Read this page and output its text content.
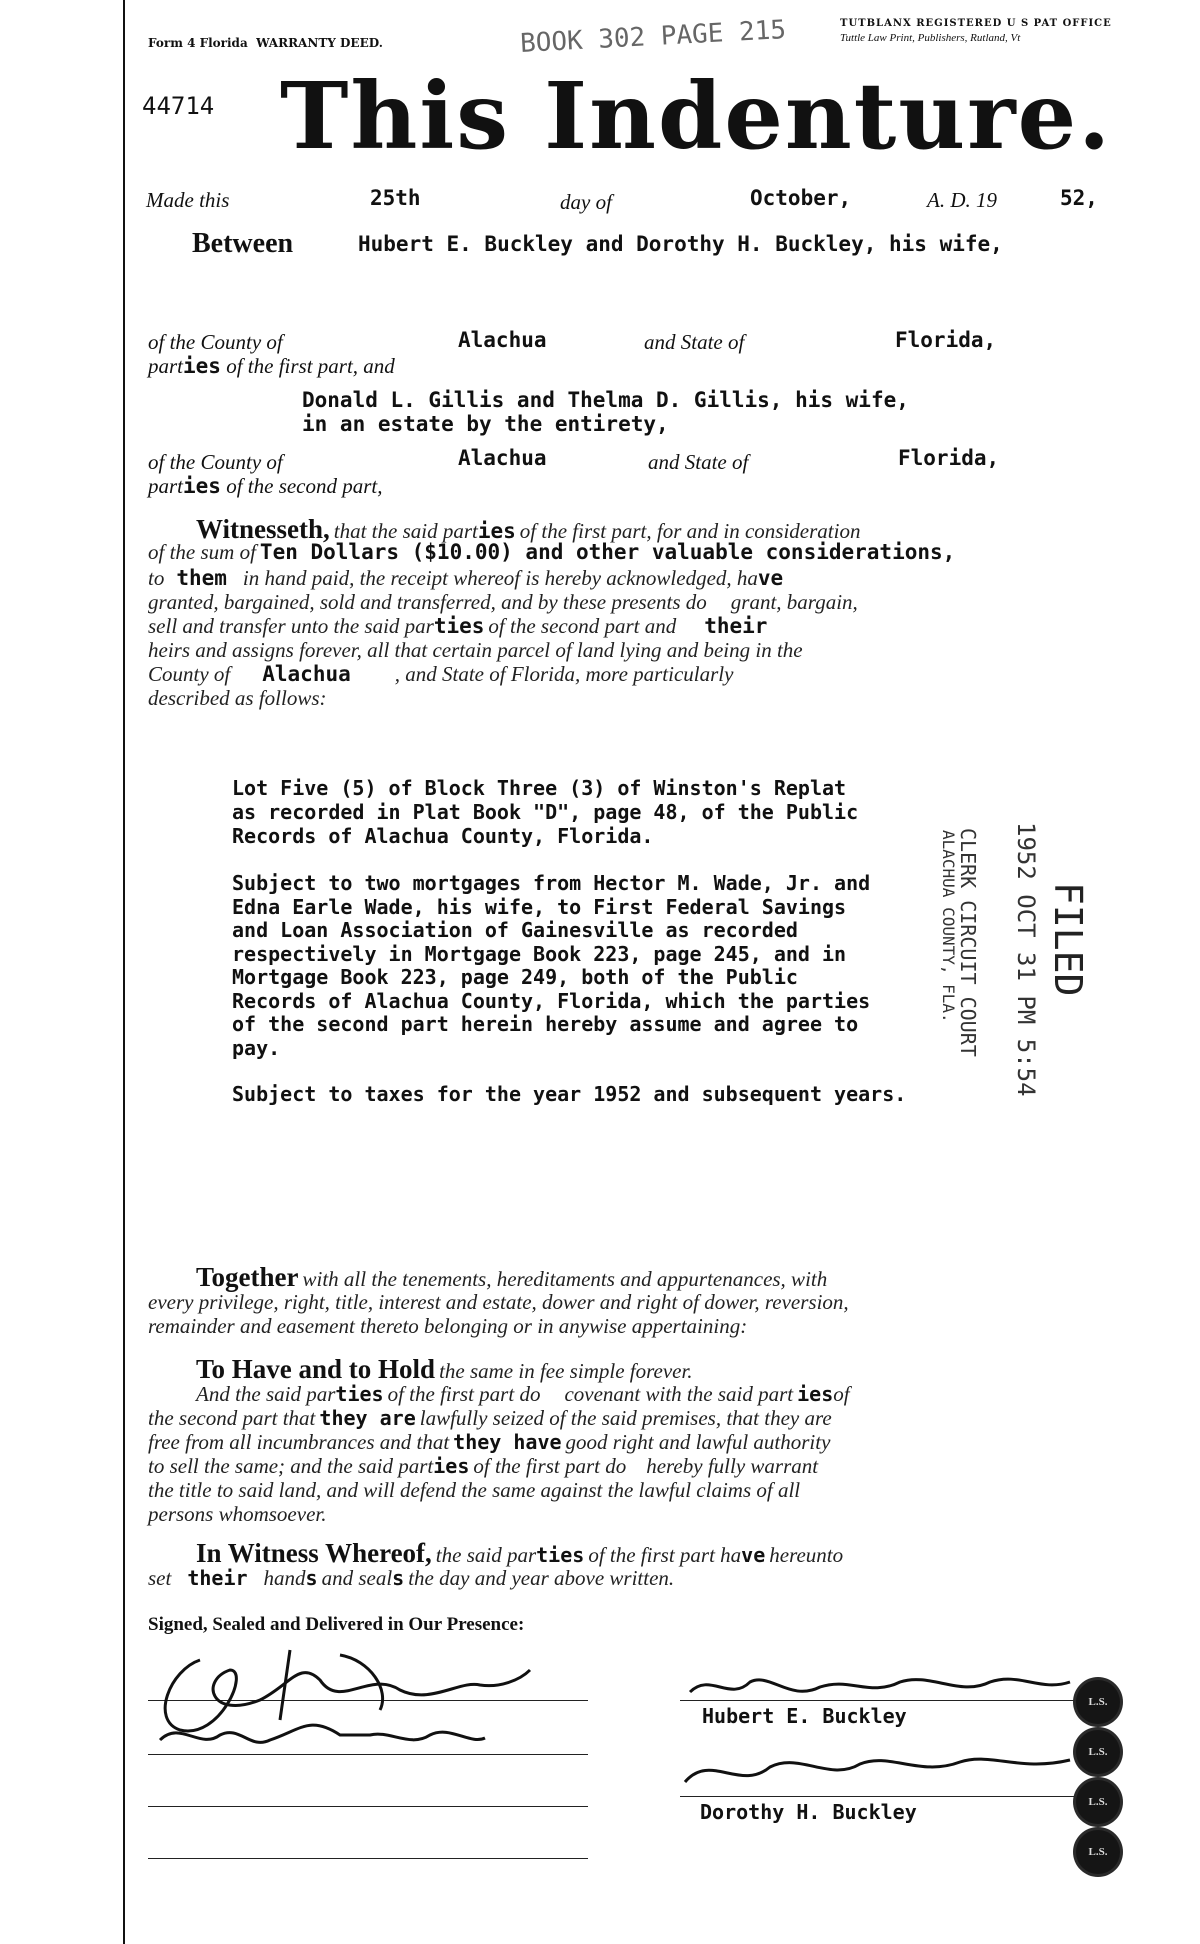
Form 4 Florida WARRANTY DEED.
TUTBLANX REGISTERED U S PAT OFFICE
Tuttle Law Print, Publishers, Rutland, Vt
BOOK 302 PAGE 215
44714 This Indenture.
Made this	25th	day of	October,	A. D. 19	52,
Between	Hubert E. Buckley and Dorothy H. Buckley, his wife,
of the County of	Alachua	and State of	Florida,
parties of the first part, and
Donald L. Gillis and Thelma D. Gillis, his wife,
in an estate by the entirety,
of the County of	Alachua	and State of	Florida,
parties of the second part,
Witnesseth, that the said parties of the first part, for and in consideration
of the sum of Ten Dollars ($10.00) and other valuable considerations,
to them in hand paid, the receipt whereof is hereby acknowledged, have
granted, bargained, sold and transferred, and by these presents do grant, bargain,
sell and transfer unto the said parties of the second part and their
heirs and assigns forever, all that certain parcel of land lying and being in the
County of Alachua , and State of Florida, more particularly
described as follows:
Lot Five (5) of Block Three (3) of Winston's Replat
as recorded in Plat Book "D", page 48, of the Public
Records of Alachua County, Florida.
Subject to two mortgages from Hector M. Wade, Jr. and
Edna Earle Wade, his wife, to First Federal Savings
and Loan Association of Gainesville as recorded
respectively in Mortgage Book 223, page 245, and in
Mortgage Book 223, page 249, both of the Public
Records of Alachua County, Florida, which the parties
of the second part herein hereby assume and agree to
pay.
Subject to taxes for the year 1952 and subsequent years.
FILED
1952 OCT 31 PM 5:54
CLERK CIRCUIT COURT
ALACHUA COUNTY, FLA.
Together with all the tenements, hereditaments and appurtenances, with
every privilege, right, title, interest and estate, dower and right of dower, reversion,
remainder and easement thereto belonging or in anywise appertaining:
To Have and to Hold the same in fee simple forever.
And the said parties of the first part do covenant with the said part iesof
the second part that they are lawfully seized of the said premises, that they are
free from all incumbrances and that they have good right and lawful authority
to sell the same; and the said parties of the first part do hereby fully warrant
the title to said land, and will defend the same against the lawful claims of all
persons whomsoever.
In Witness Whereof, the said parties of the first part have hereunto
set their hands and seals the day and year above written.
Signed, Sealed and Delivered in Our Presence:
Hubert E. Buckley
Dorothy H. Buckley
L.S.
L.S.
L.S.
L.S.
